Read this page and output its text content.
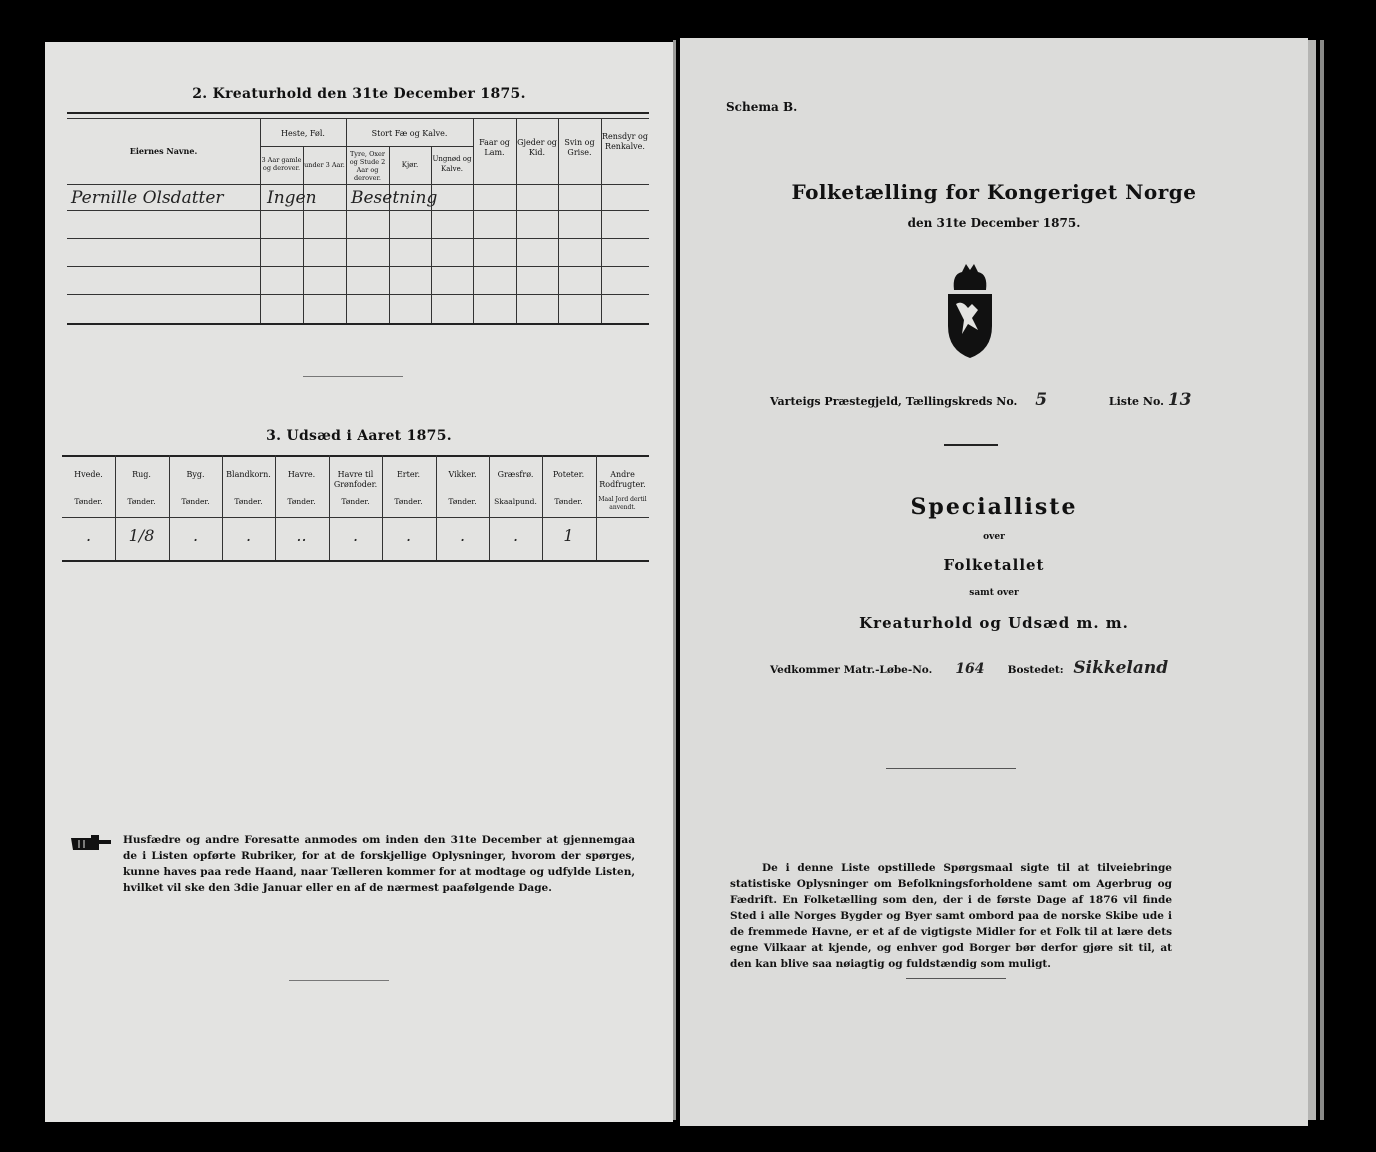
2. Kreaturhold den 31te December 1875.
Eiernes Navne.
Heste, Føl.
3 Aar gamle og derover. under 3 Aar.
Stort Fæ og Kalve.
Tyre, Oxer og Stude 2 Aar og derover.
Kjør.
Ungnød og Kalve.
Faar og Lam.
Gjeder og Kid.
Svin og Grise.
Rensdyr og Renkalve.
Pernille Olsdatter	Ingen Besetning
3. Udsæd i Aaret 1875.
Hvede.
Tønder.
.
Rug.
Tønder.
1/8
Byg.
Tønder.
.
Blandkorn.
Tønder.
.
Havre.
Tønder.
..
Havre til Grønfoder.
Tønder.
.
Erter.
Tønder.
.
Vikker.
Tønder.
.
Græsfrø.
Skaalpund.
.
Poteter.
Tønder.
1
Andre Rodfrugter.
Maal Jord dertil anvendt.
Husfædre og andre Foresatte anmodes om inden den 31te December at gjennemgaa de i Listen opførte Rubriker, for at de forskjellige Oplysninger, hvorom der spørges, kunne haves paa rede Haand, naar Tælleren kommer for at modtage og udfylde Listen, hvilket vil ske den 3die Januar eller en af de nærmest paafølgende Dage.
Schema B.
Folketælling for Kongeriget Norge
den 31te December 1875.
Varteigs Præstegjeld, Tællingskreds No. 5	Liste No. 13
Specialliste
over
Folketallet
samt over
Kreaturhold og Udsæd m. m.
Vedkommer Matr.-Løbe-No. 164 Bostedet: Sikkeland
De i denne Liste opstillede Spørgsmaal sigte til at tilveiebringe statistiske Oplysninger om Befolkningsforholdene samt om Agerbrug og Fædrift. En Folketælling som den, der i de første Dage af 1876 vil finde Sted i alle Norges Bygder og Byer samt ombord paa de norske Skibe ude i de fremmede Havne, er et af de vigtigste Midler for et Folk til at lære dets egne Vilkaar at kjende, og enhver god Borger bør derfor gjøre sit til, at den kan blive saa nøiagtig og fuldstændig som muligt.
